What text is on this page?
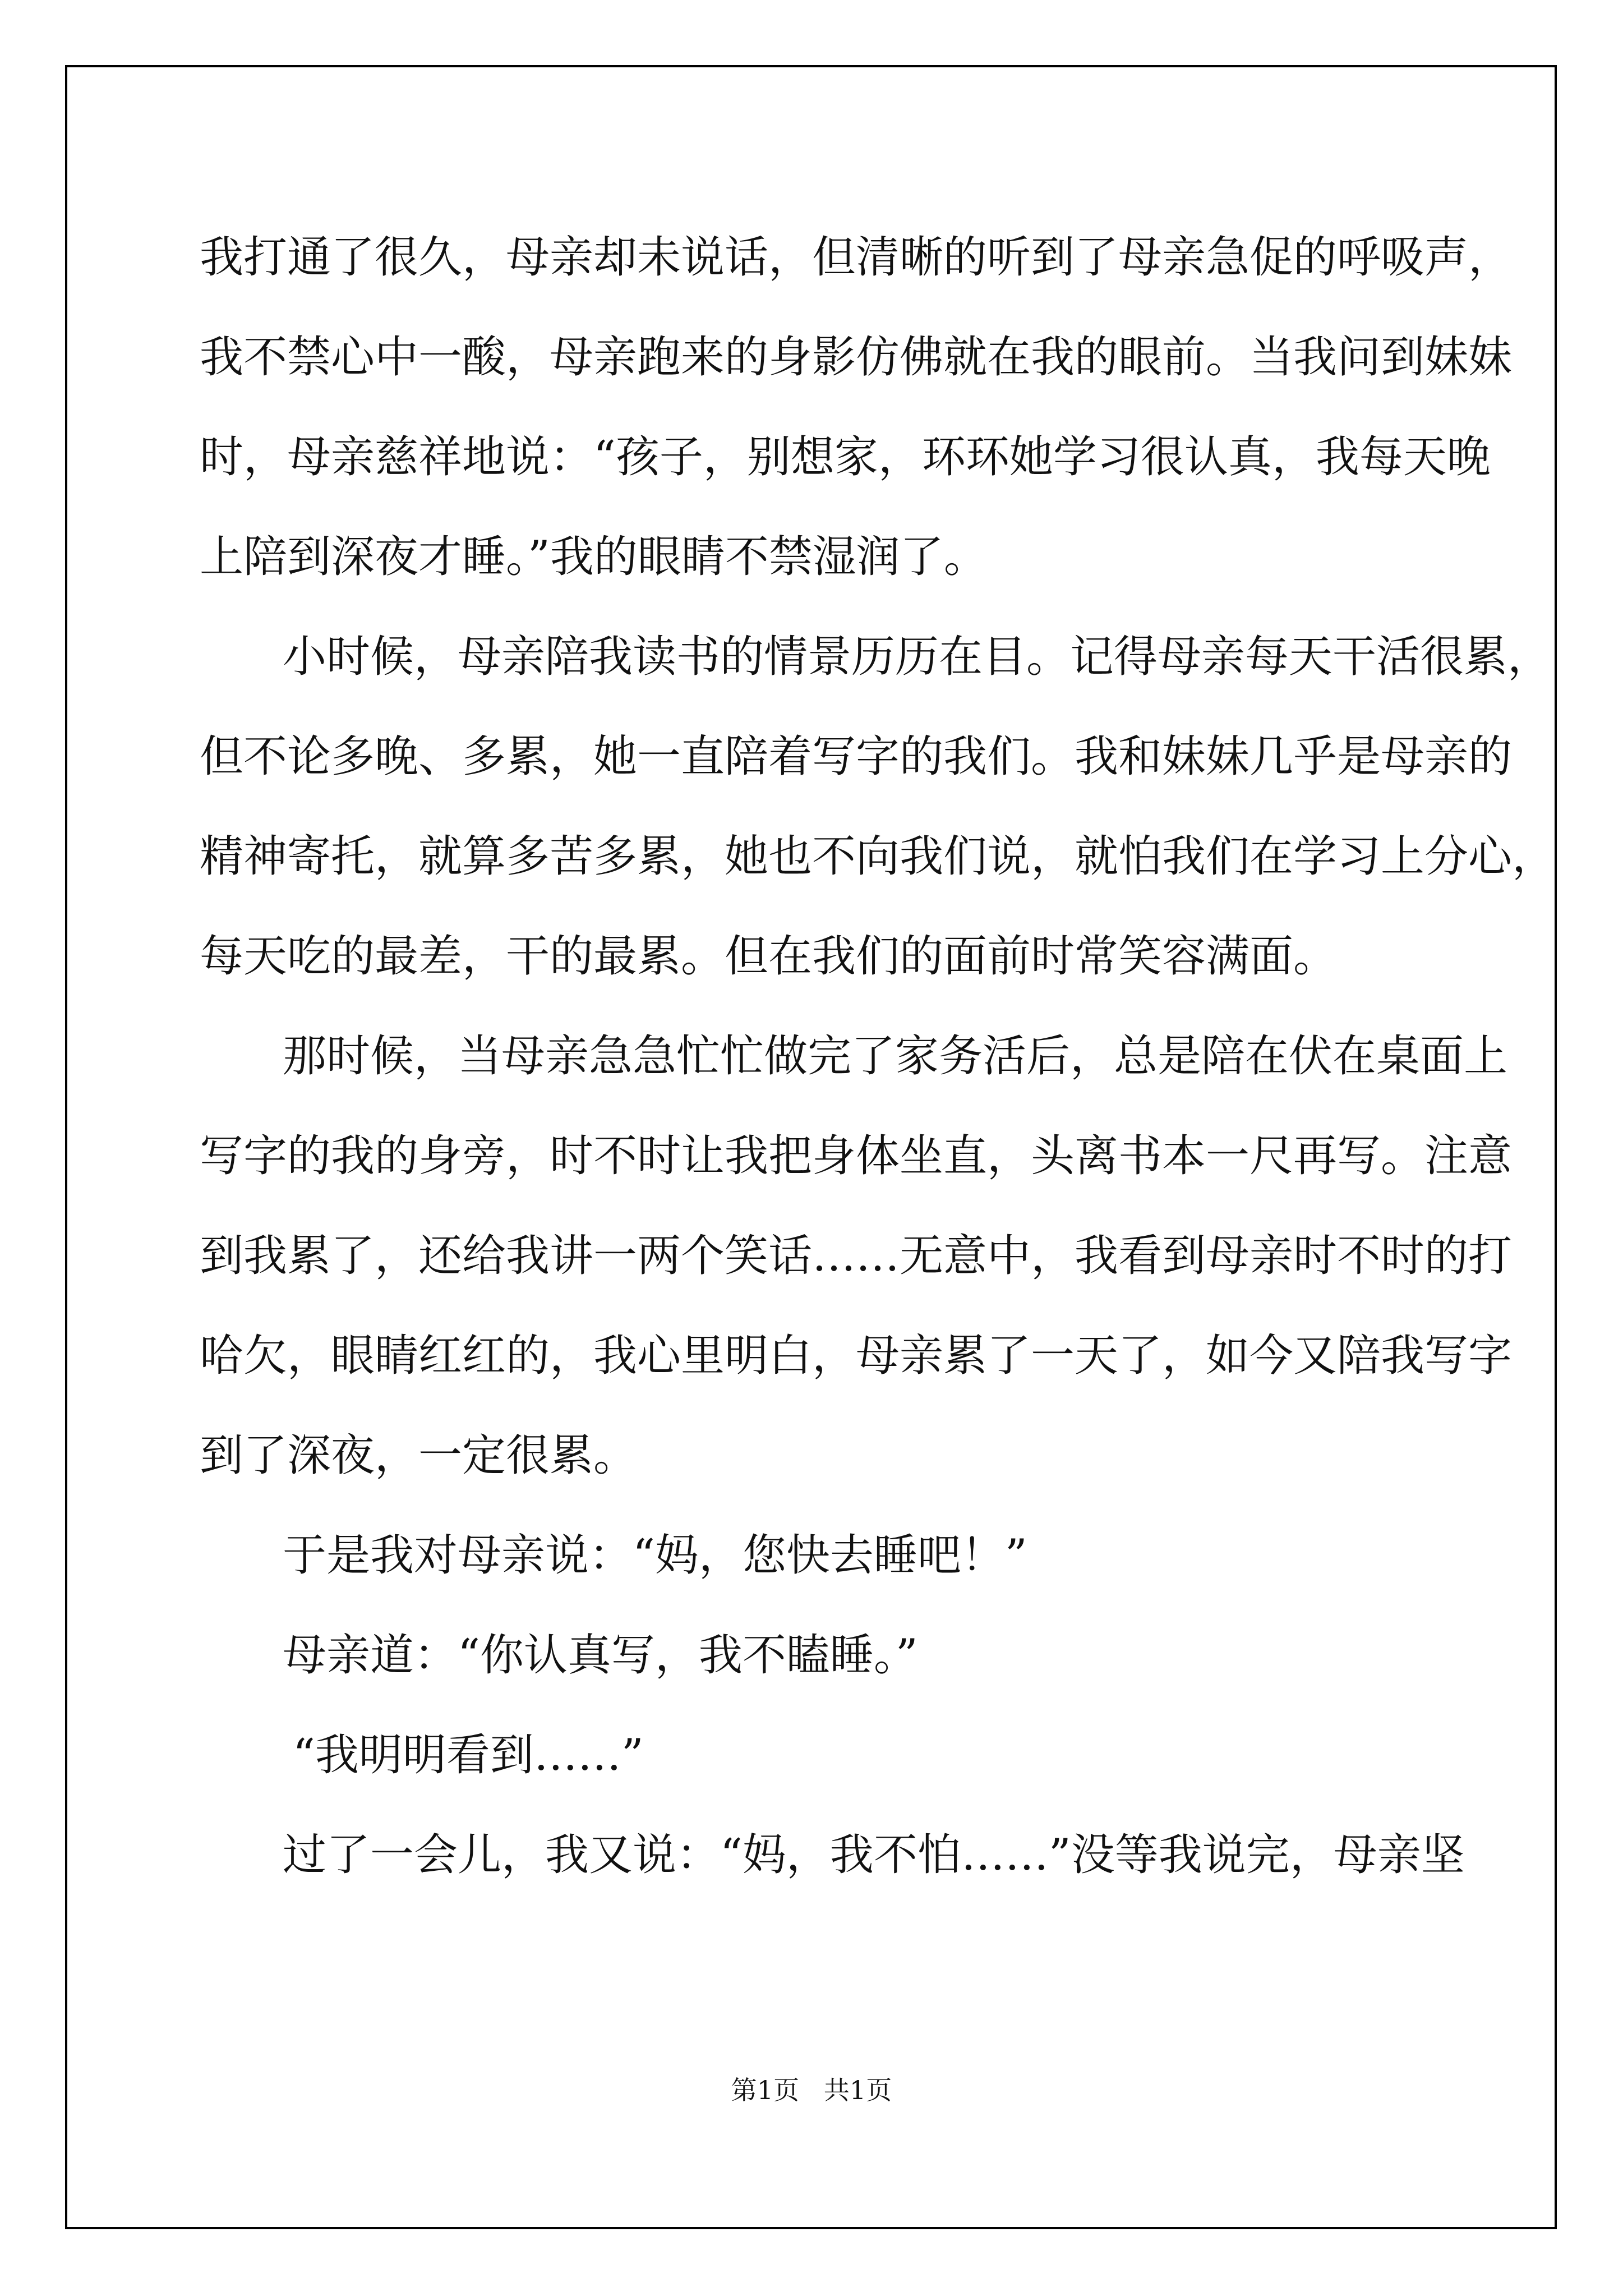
我打通了很久，母亲却未说话，但清晰的听到了母亲急促的呼吸声，

我不禁心中一酸，母亲跑来的身影仿佛就在我的眼前。当我问到妹妹

时，母亲慈祥地说：“孩子，别想家，环环她学习很认真，我每天晚

上陪到深夜才睡。”我的眼睛不禁湿润了。

小时候，母亲陪我读书的情景历历在目。记得母亲每天干活很累，

但不论多晚、多累，她一直陪着写字的我们。我和妹妹几乎是母亲的

精神寄托，就算多苦多累，她也不向我们说，就怕我们在学习上分心，

每天吃的最差，干的最累。但在我们的面前时常笑容满面。

那时候，当母亲急急忙忙做完了家务活后，总是陪在伏在桌面上

写字的我的身旁，时不时让我把身体坐直，头离书本一尺再写。注意

到我累了，还给我讲一两个笑话……无意中，我看到母亲时不时的打

哈欠，眼睛红红的，我心里明白，母亲累了一天了，如今又陪我写字

到了深夜，一定很累。

于是我对母亲说：“妈，您快去睡吧！”

母亲道：“你认真写，我不瞌睡。”

“我明明看到……”

过了一会儿，我又说：“妈，我不怕……”没等我说完，母亲坚

第1页   共1页
